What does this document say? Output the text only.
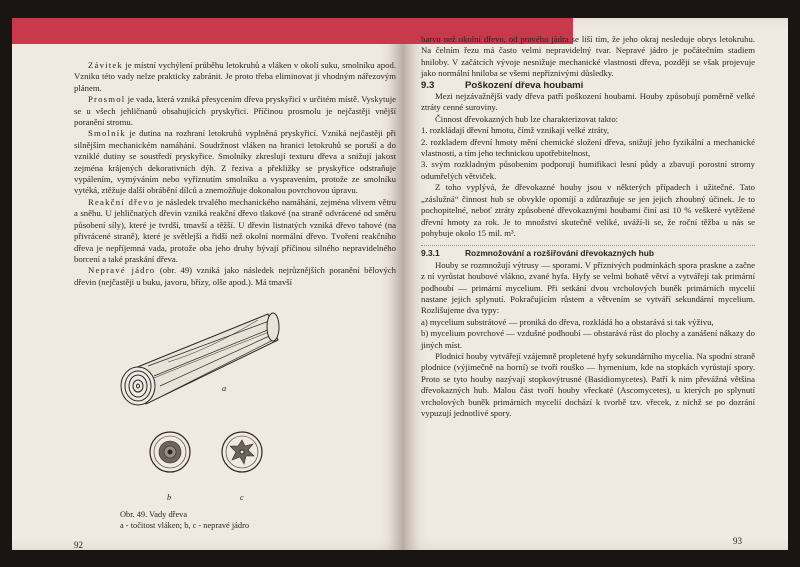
Závitek je místní vychýlení průběhu letokruhů a vláken v okolí suku, smolníku apod. Vzniku této vady nelze prakticky zabránit. Je proto třeba eliminovat ji vhodným nářezovým plánem.

Prosmol je vada, která vzniká přesycením dřeva pryskyřicí v určitém místě. Vyskytuje se u všech jehličnanů obsahujících pryskyřici. Příčinou prosmolu je nejčastěji vnější poranění stromu.

Smolník je dutina na rozhraní letokruhů vyplněná pryskyřicí. Vzniká nejčastěji při silnějším mechanickém namáhání. Soudržnost vláken na hranici letokruhů se poruší a do vzniklé dutiny se soustředí pryskyřice. Smolníky zkreslují texturu dřeva a snižují jakost zejména krájených dekorativních dýh. Z řeziva a překližky se pryskyřice odstraňuje vypálením, vymýváním nebo vyříznutím smolníku a vyspravením, protože ze smolníku vytéká, ztěžuje další obrábění dílců a znemožňuje dokonalou povrchovou úpravu.

Reakční dřevo je následek trvalého mechanického namáhání, zejména vlivem větru a sněhu. U jehličnatých dřevin vzniká reakční dřevo tlakové (na straně odvrácené od směru působení síly), které je tvrdší, tmavší a těžší. U dřevin listnatých vzniká dřevo tahové (na přivrácené straně), které je světlejší a řidší než okolní normální dřevo. Tvoření reakčního dřeva je nepříjemná vada, protože oba jeho druhy bývají příčinou silného nepravidelného borcení a také praskání dřeva.

Nepravé jádro (obr. 49) vzniká jako následek nejrůznějších poranění bělových dřevin (nejčastěji u buku, javoru, břízy, olše apod.). Má tmavší

a
b	c
Obr. 49. Vady dřeva
a - točitost vláken; b, c - nepravé jádro
92

barvu než okolní dřevo, od pravého jádra se liší tím, že jeho okraj nesleduje obrys letokruhu. Na čelním řezu má často velmi nepravidelný tvar. Nepravé jádro je počátečním stadiem hniloby. V začátcích vývoje nesnižuje mechanické vlastnosti dřeva, později se však projevuje jako normální hniloba se všemi nepříznivými důsledky.

9.3	Poškození dřeva houbami

Mezi nejzávažnější vady dřeva patří poškození houbami. Houby způsobují poměrně velké ztráty cenné suroviny.

Činnost dřevokazných hub lze charakterizovat takto:

1. rozkládají dřevní hmotu, čímž vznikají velké ztráty,

2. rozkladem dřevní hmoty mění chemické složení dřeva, snižují jeho fyzikální a mechanické vlastnosti, a tím jeho technickou upotřebitelnost,

3. svým rozkladným působením podporují humifikaci lesní půdy a zbavují porostní stromy odumřelých větviček.

Z toho vyplývá, že dřevokazné houby jsou v některých případech i užitečné. Tato „záslužná“ činnost hub se obvykle opomíjí a zdůrazňuje se jen jejich zhoubný účinek. Je to pochopitelné, neboť ztráty způsobené dřevokaznými houbami činí asi 10 % veškeré vytěžené dřevní hmoty za rok. Je to množství skutečně veliké, uváží-li se, že roční těžba u nás se pohybuje okolo 15 mil. m³.

9.3.1	Rozmnožování a rozšiřování dřevokazných hub

Houby se rozmnožují výtrusy — sporami. V příznivých podmínkách spora praskne a začne z ní vyrůstat houbové vlákno, zvané hyfa. Hyfy se velmi bohatě větví a vytvářejí tak primární podhoubí — primární mycelium. Při setkání dvou vrcholových buněk primárních mycelií nastane jejich splynutí. Pokračujícím růstem a větvením se vytváří sekundární mycelium. Rozlišujeme dva typy:

a) mycelium substrátové — proniká do dřeva, rozkládá ho a obstarává si tak výživu,

b) mycelium povrchové — vzdušné podhoubí — obstarává růst do plochy a zanášení nákazy do jiných míst.

Plodnicí houby vytvářejí vzájemně propletené hyfy sekundárního mycelia. Na spodní straně plodnice (výjimečně na horní) se tvoří rouško — hymenium, kde na stopkách vyrůstají spory. Proto se tyto houby nazývají stopkovýtrusné (Basidiomycetes). Patří k nim převážná většina dřevokazných hub. Malou část tvoří houby vřeckaté (Ascomycetes), u kterých po splynutí vrcholových buněk primárních mycelií dochází k tvorbě tzv. vřecek, z nichž se po dozrání vypuzují jednotlivé spory.

93
